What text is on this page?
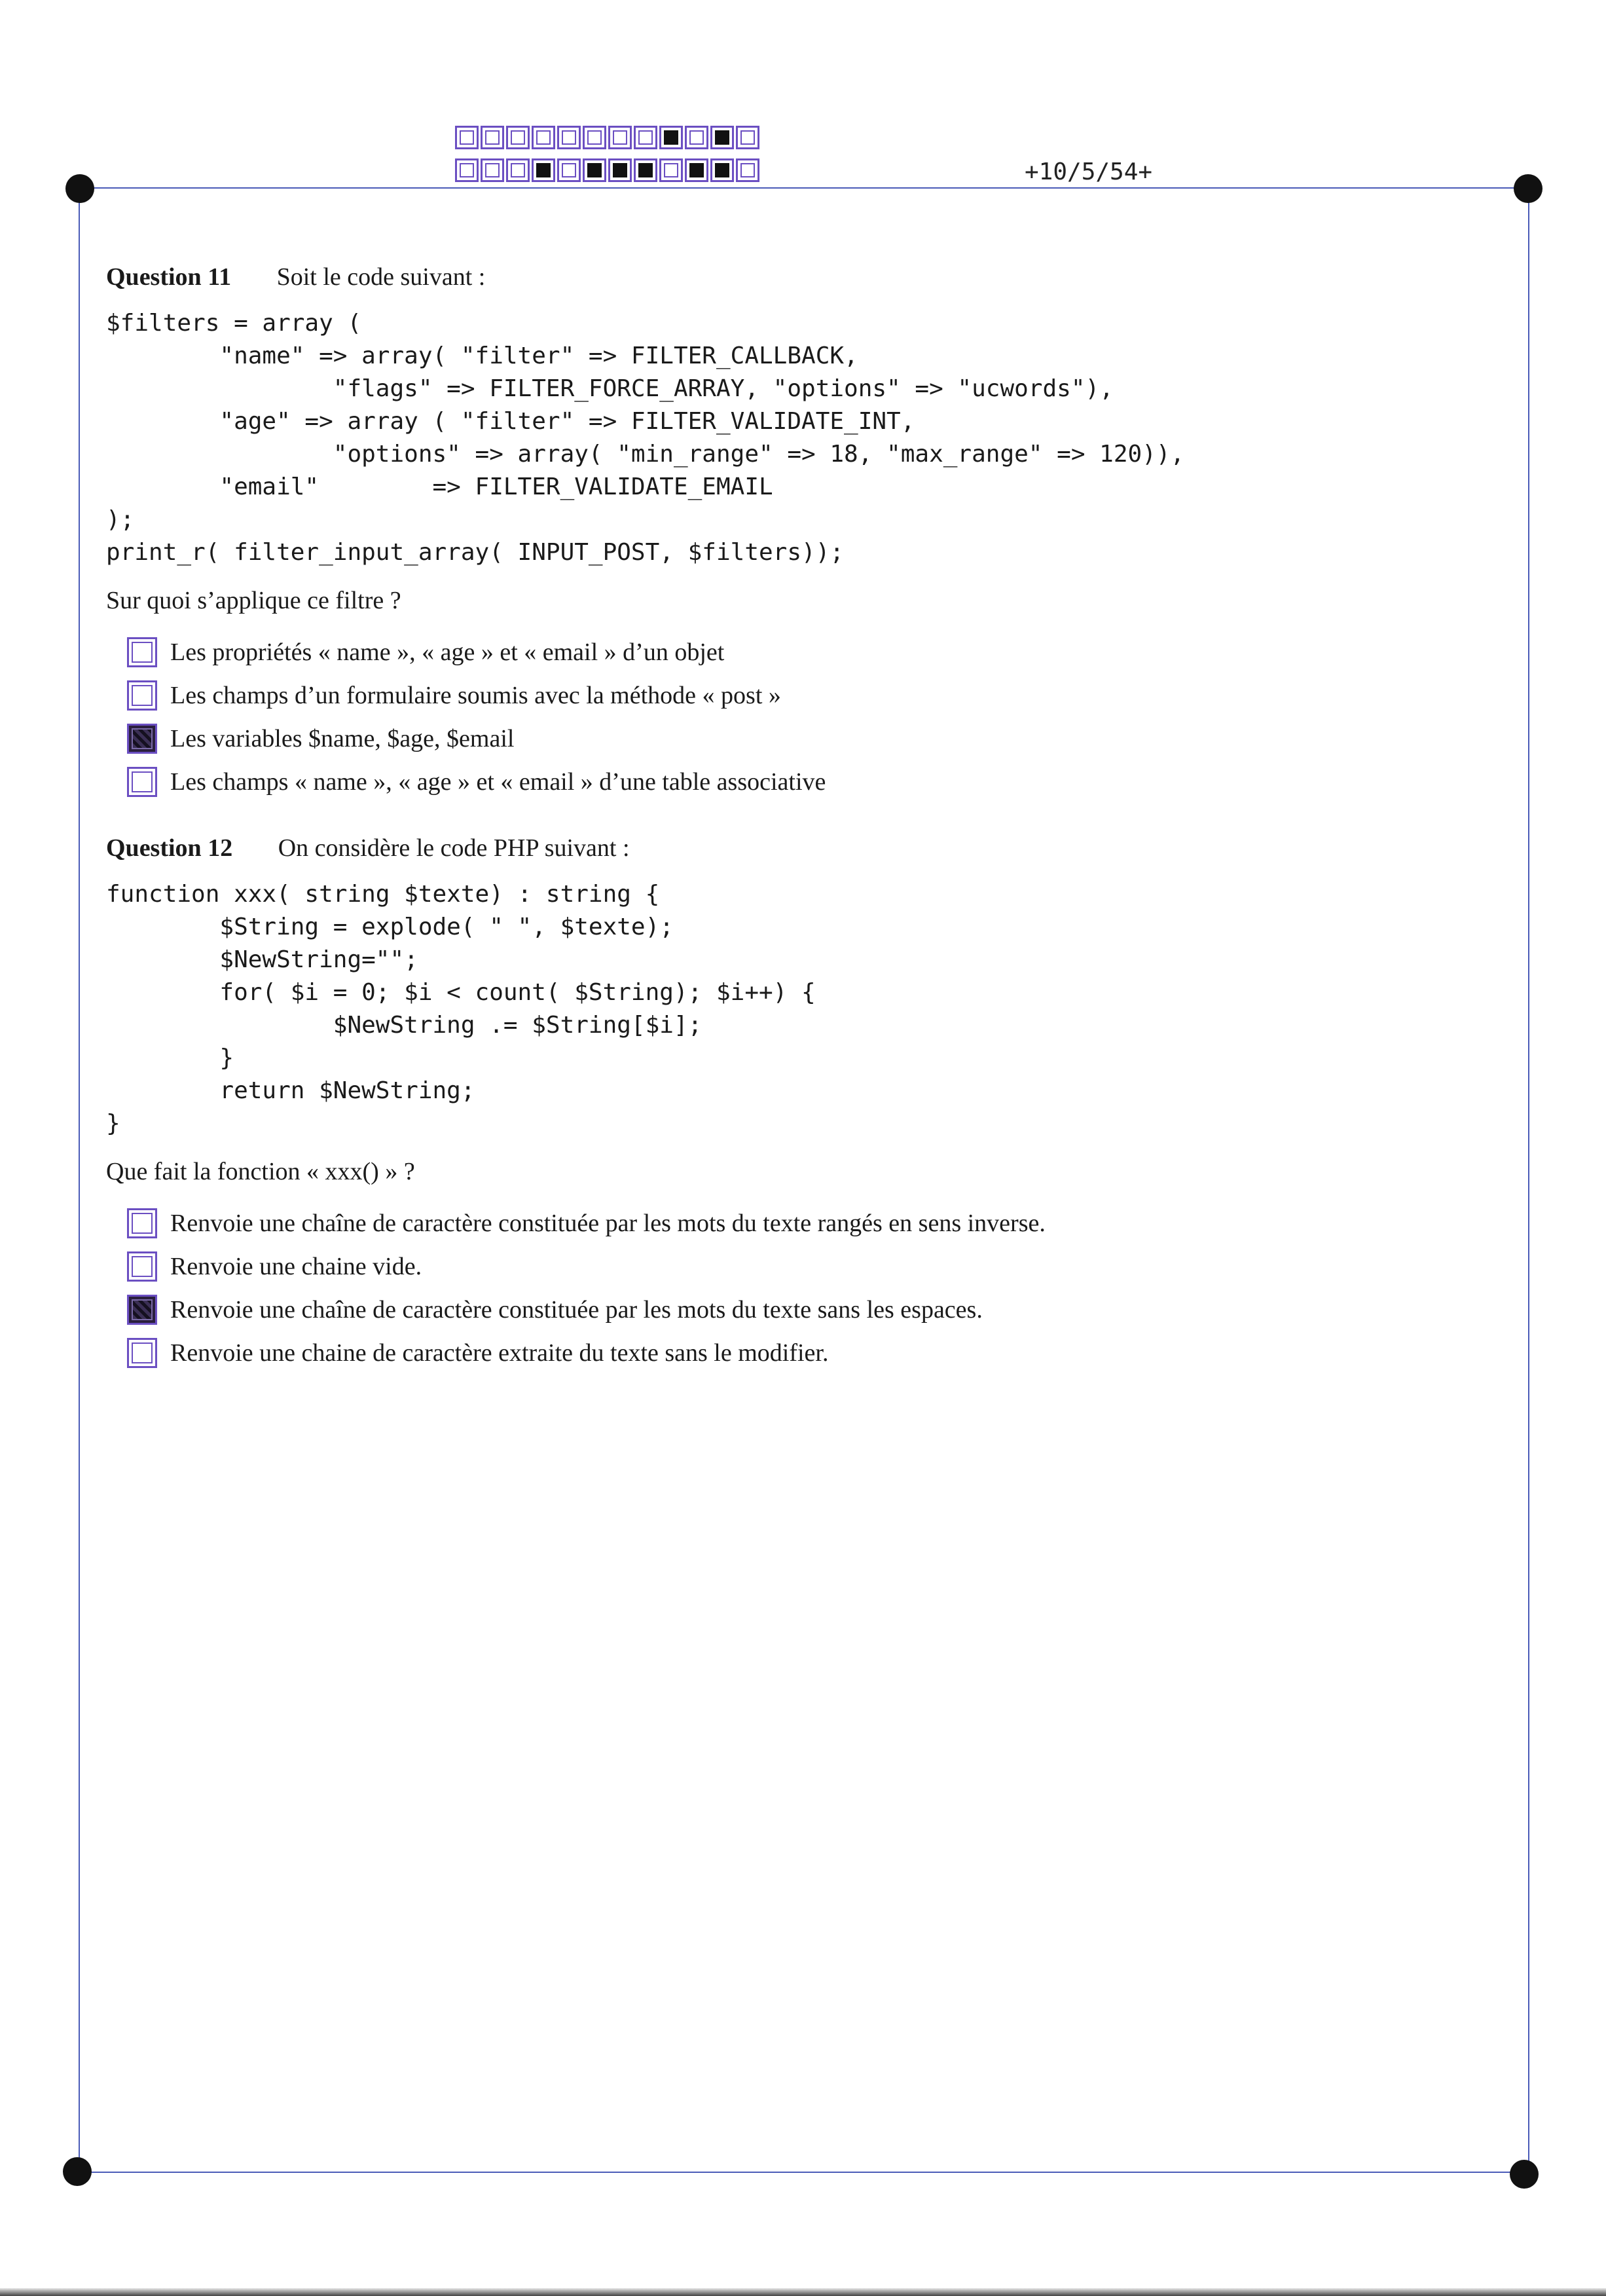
+10/5/54+
Question 11 Soit le code suivant :
$filters = array (
"name" => array( "filter" => FILTER_CALLBACK,
"flags" => FILTER_FORCE_ARRAY, "options" => "ucwords"),
"age" => array ( "filter" => FILTER_VALIDATE_INT,
"options" => array( "min_range" => 18, "max_range" => 120)),
"email"        => FILTER_VALIDATE_EMAIL
);
print_r( filter_input_array( INPUT_POST, $filters));
Sur quoi s’applique ce filtre ?
Les propriétés « name », « age » et « email » d’un objet
Les champs d’un formulaire soumis avec la méthode « post »
Les variables $name, $age, $email
Les champs « name », « age » et « email » d’une table associative
Question 12 On considère le code PHP suivant :
function xxx( string $texte) : string {
$String = explode( " ", $texte);
$NewString="";
for( $i = 0; $i < count( $String); $i++) {
$NewString .= $String[$i];
}
return $NewString;
}
Que fait la fonction « xxx() » ?
Renvoie une chaîne de caractère constituée par les mots du texte rangés en sens inverse.
Renvoie une chaine vide.
Renvoie une chaîne de caractère constituée par les mots du texte sans les espaces.
Renvoie une chaine de caractère extraite du texte sans le modifier.
